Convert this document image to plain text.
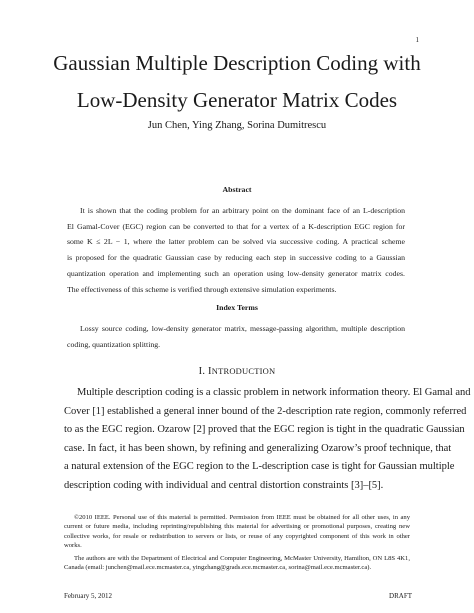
1
Gaussian Multiple Description Coding with
Low-Density Generator Matrix Codes
Jun Chen, Ying Zhang, Sorina Dumitrescu
Abstract
It is shown that the coding problem for an arbitrary point on the dominant face of an L-description
El Gamal-Cover (EGC) region can be converted to that for a vertex of a K-description EGC region for
some K ≤ 2L − 1, where the latter problem can be solved via successive coding. A practical scheme
is proposed for the quadratic Gaussian case by reducing each step in successive coding to a Gaussian
quantization operation and implementing such an operation using low-density generator matrix codes.
The effectiveness of this scheme is verified through extensive simulation experiments.
Index Terms
Lossy source coding, low-density generator matrix, message-passing algorithm, multiple description
coding, quantization splitting.
I. INTRODUCTION
Multiple description coding is a classic problem in network information theory. El Gamal and
Cover [1] established a general inner bound of the 2-description rate region, commonly referred
to as the EGC region. Ozarow [2] proved that the EGC region is tight in the quadratic Gaussian
case. In fact, it has been shown, by refining and generalizing Ozarow’s proof technique, that
a natural extension of the EGC region to the L-description case is tight for Gaussian multiple
description coding with individual and central distortion constraints [3]–[5].
©2010 IEEE. Personal use of this material is permitted. Permission from IEEE must be obtained for all other uses, in any
current or future media, including reprinting/republishing this material for advertising or promotional purposes, creating new
collective works, for resale or redistribution to servers or lists, or reuse of any copyrighted component of this work in other
works.
The authors are with the Department of Electrical and Computer Engineering, McMaster University, Hamilton, ON L8S 4K1,
Canada (email: junchen@mail.ece.mcmaster.ca, yingzhang@grads.ece.mcmaster.ca, sorina@mail.ece.mcmaster.ca).
February 5, 2012	DRAFT
